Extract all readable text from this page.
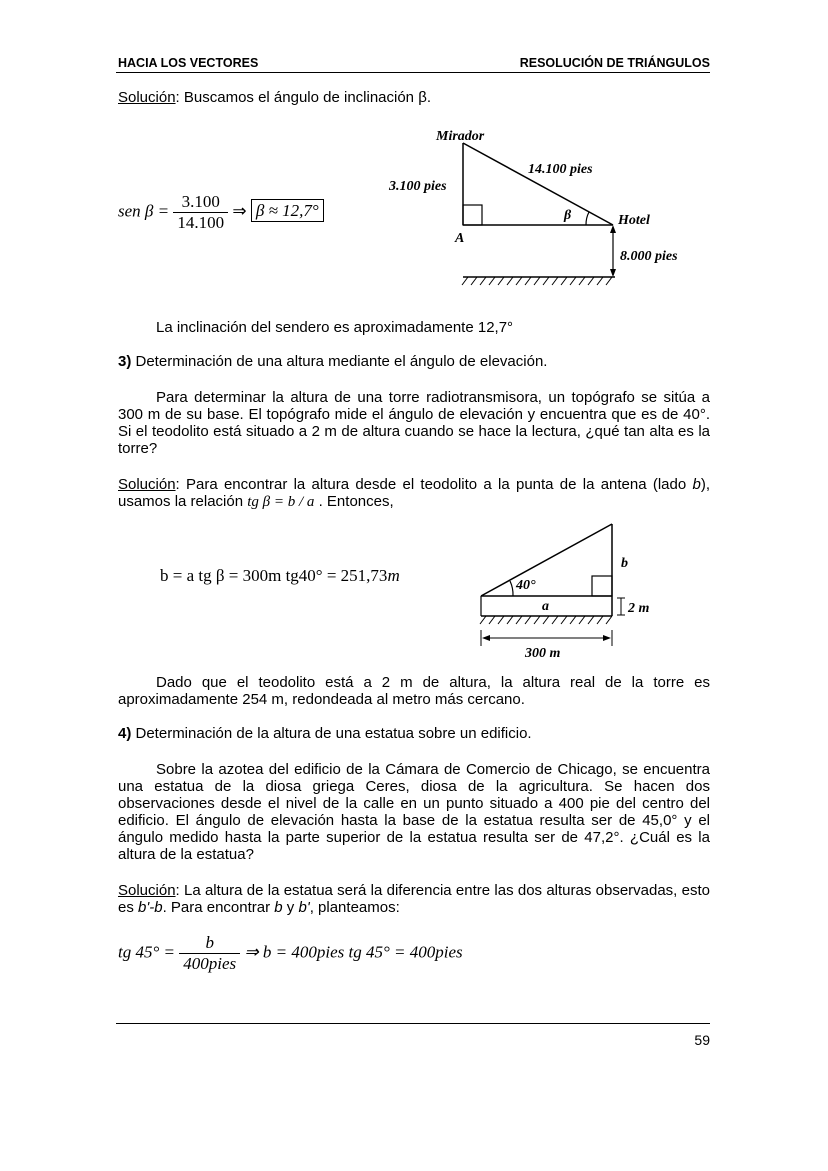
HACIA LOS VECTORES	RESOLUCIÓN DE TRIÁNGULOS
Solución: Buscamos el ángulo de inclinación β.
sen $\beta = \frac{3.100}{14.100}$ ⇒ β ≈ 12,7°
Mirador
14.100 pies
3.100 pies
β	Hotel
A
8.000 pies
La inclinación del sendero es aproximadamente 12,7°
3) Determinación de una altura mediante el ángulo de elevación.
Para determinar la altura de una torre radiotransmisora, un topógrafo se sitúa a 300 m de su base. El topógrafo mide el ángulo de elevación y encuentra que es de 40°. Si el teodolito está situado a 2 m de altura cuando se hace la lectura, ¿qué tan alta es la torre?
Solución: Para encontrar la altura desde el teodolito a la punta de la antena (lado b), usamos la relación tg β = b / a . Entonces,
b = a tg β = 300m tg40° = 251,73m
40°
a
b
2 m
300 m
Dado que el teodolito está a 2 m de altura, la altura real de la torre es aproximadamente 254 m, redondeada al metro más cercano.
4) Determinación de la altura de una estatua sobre un edificio.
Sobre la azotea del edificio de la Cámara de Comercio de Chicago, se encuentra una estatua de la diosa griega Ceres, diosa de la agricultura. Se hacen dos observaciones desde el nivel de la calle en un punto situado a 400 pie del centro del edificio. El ángulo de elevación hasta la base de la estatua resulta ser de 45,0° y el ángulo medido hasta la parte superior de la estatua resulta ser de 47,2°. ¿Cuál es la altura de la estatua?
Solución: La altura de la estatua será la diferencia entre las dos alturas observadas, esto es b'-b. Para encontrar b y b', planteamos:
tg $45^\circ = \frac{b}{\text{400pies}}$ ⇒ b = 400pies tg 45° = 400pies
59
